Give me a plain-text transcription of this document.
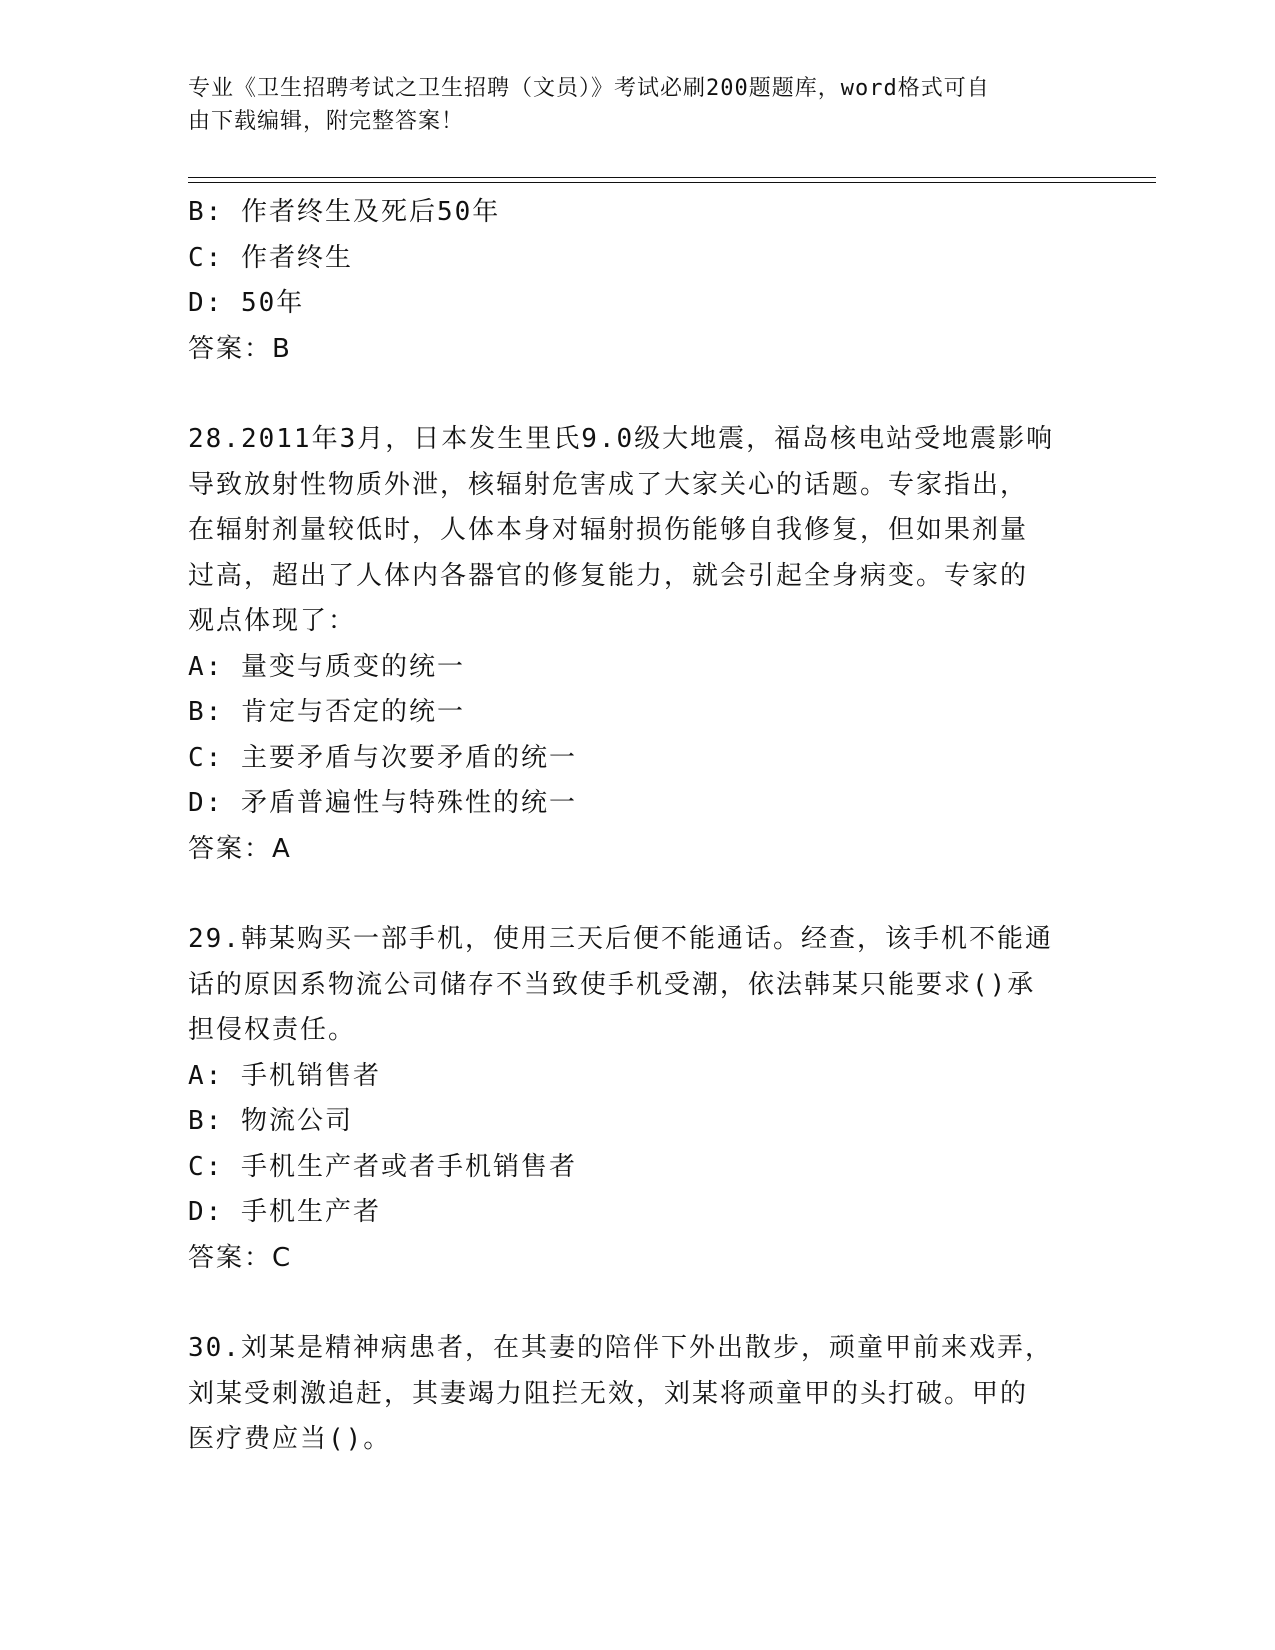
专业《卫生招聘考试之卫生招聘（文员）》考试必刷200题题库，word格式可自

由下载编辑，附完整答案！

B: 作者终生及死后50年

C: 作者终生

D: 50年

答案：B

28.2011年3月，日本发生里氏9.0级大地震，福岛核电站受地震影响

导致放射性物质外泄，核辐射危害成了大家关心的话题。专家指出，

在辐射剂量较低时，人体本身对辐射损伤能够自我修复，但如果剂量

过高，超出了人体内各器官的修复能力，就会引起全身病变。专家的

观点体现了：

A: 量变与质变的统一

B: 肯定与否定的统一

C: 主要矛盾与次要矛盾的统一

D: 矛盾普遍性与特殊性的统一

答案：A

29.韩某购买一部手机，使用三天后便不能通话。经查，该手机不能通

话的原因系物流公司储存不当致使手机受潮，依法韩某只能要求()承

担侵权责任。

A: 手机销售者

B: 物流公司

C: 手机生产者或者手机销售者

D: 手机生产者

答案：C

30.刘某是精神病患者，在其妻的陪伴下外出散步，顽童甲前来戏弄，

刘某受刺激追赶，其妻竭力阻拦无效，刘某将顽童甲的头打破。甲的

医疗费应当()。
